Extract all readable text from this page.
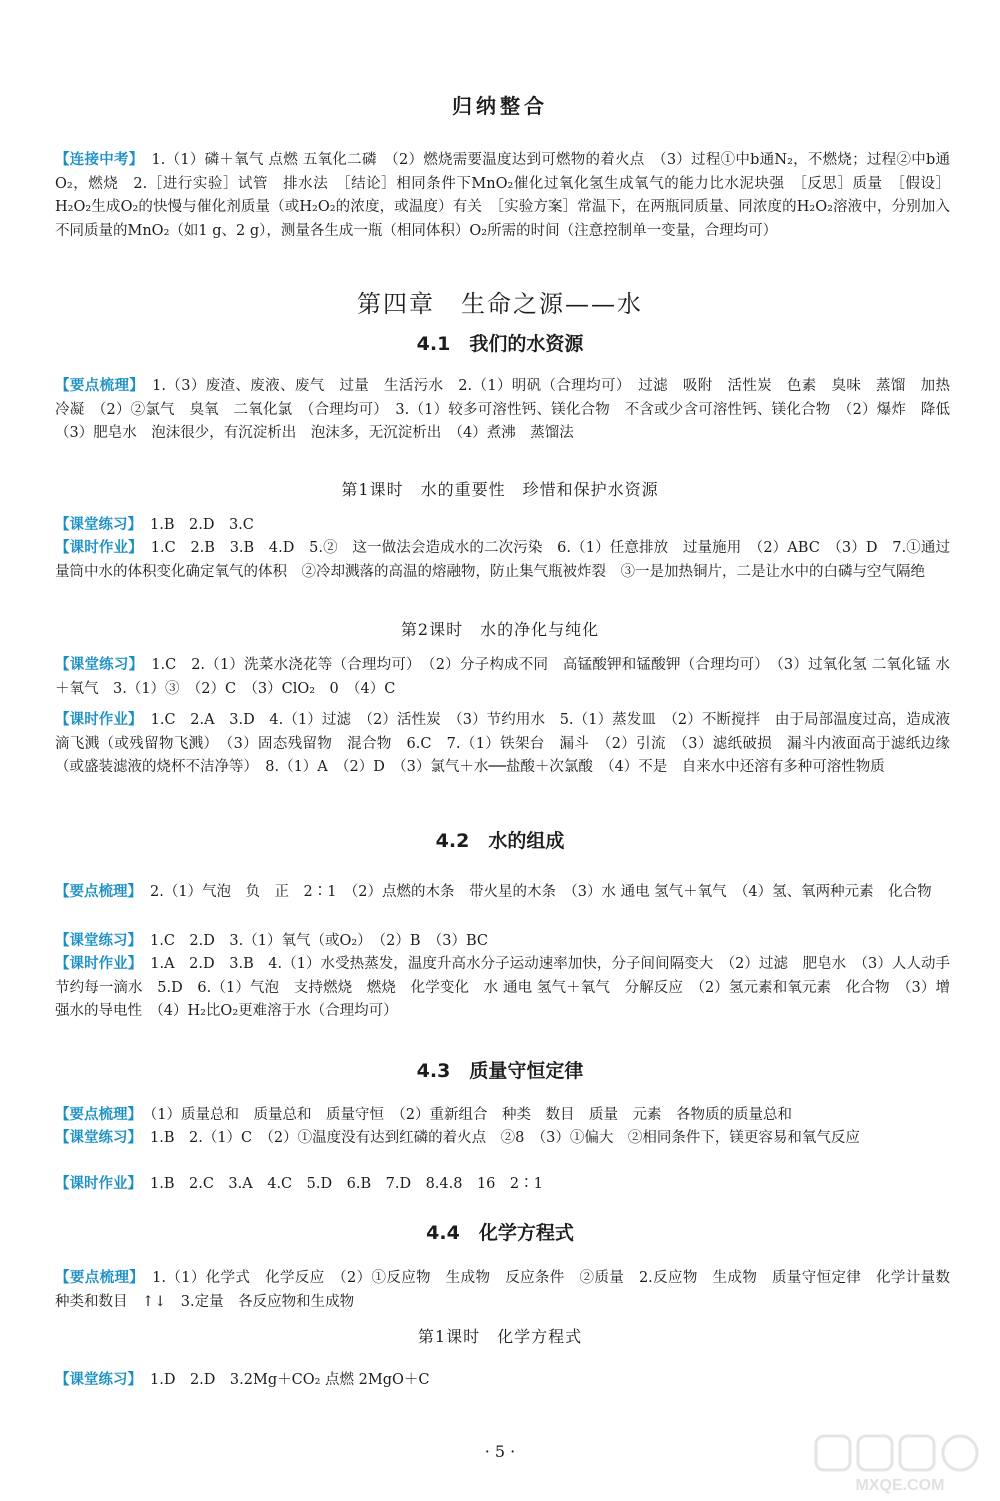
归纳整合
【连接中考】 1.（1）磷＋氧气 点燃 五氧化二磷　（2）燃烧需要温度达到可燃物的着火点　（3）过程①中b通N₂，不燃烧；过程②中b通O₂，燃烧　2.［进行实验］试管　排水法　［结论］相同条件下MnO₂催化过氧化氢生成氧气的能力比水泥块强　［反思］质量　［假设］H₂O₂生成O₂的快慢与催化剂质量（或H₂O₂的浓度，或温度）有关　［实验方案］常温下，在两瓶同质量、同浓度的H₂O₂溶液中，分别加入不同质量的MnO₂（如1 g、2 g），测量各生成一瓶（相同体积）O₂所需的时间（注意控制单一变量，合理均可）
第四章　生命之源——水
4.1　我们的水资源
【要点梳理】 1.（3）废渣、废液、废气　过量　生活污水　2.（1）明矾（合理均可）　过滤　吸附　活性炭　色素　臭味　蒸馏　加热　冷凝　（2）②氯气　臭氧　二氧化氯　（合理均可）　3.（1）较多可溶性钙、镁化合物　不含或少含可溶性钙、镁化合物　（2）爆炸　降低　（3）肥皂水　泡沫很少，有沉淀析出　泡沫多，无沉淀析出　（4）煮沸　蒸馏法
第1课时　水的重要性　珍惜和保护水资源
【课堂练习】 1.B　2.D　3.C
【课时作业】 1.C　2.B　3.B　4.D　5.②　这一做法会造成水的二次污染　6.（1）任意排放　过量施用　（2）ABC　（3）D　7.①通过量筒中水的体积变化确定氧气的体积　②冷却溅落的高温的熔融物，防止集气瓶被炸裂　③一是加热铜片，二是让水中的白磷与空气隔绝
第2课时　水的净化与纯化
【课堂练习】 1.C　2.（1）洗菜水浇花等（合理均可）　（2）分子构成不同　高锰酸钾和锰酸钾（合理均可）　（3）过氧化氢 二氧化锰 水＋氧气　3.（1）③　（2）C　（3）ClO₂　0　（4）C
【课时作业】 1.C　2.A　3.D　4.（1）过滤　（2）活性炭　（3）节约用水　5.（1）蒸发皿　（2）不断搅拌　由于局部温度过高，造成液滴飞溅（或残留物飞溅）　（3）固态残留物　混合物　6.C　7.（1）铁架台　漏斗　（2）引流　（3）滤纸破损　漏斗内液面高于滤纸边缘（或盛装滤液的烧杯不洁净等）　8.（1）A　（2）D　（3）氯气＋水──盐酸＋次氯酸　（4）不是　自来水中还溶有多种可溶性物质
4.2　水的组成
【要点梳理】 2.（1）气泡　负　正　2∶1　（2）点燃的木条　带火星的木条　（3）水 通电 氢气＋氧气　（4）氢、氧两种元素　化合物
【课堂练习】 1.C　2.D　3.（1）氧气（或O₂）　（2）B　（3）BC
【课时作业】 1.A　2.D　3.B　4.（1）水受热蒸发，温度升高水分子运动速率加快，分子间间隔变大　（2）过滤　肥皂水　（3）人人动手节约每一滴水　5.D　6.（1）气泡　支持燃烧　燃烧　化学变化　水 通电 氢气＋氧气　分解反应　（2）氢元素和氧元素　化合物　（3）增强水的导电性　（4）H₂比O₂更难溶于水（合理均可）
4.3　质量守恒定律
【要点梳理】 （1）质量总和　质量总和　质量守恒　（2）重新组合　种类　数目　质量　元素　各物质的质量总和
【课堂练习】 1.B　2.（1）C　（2）①温度没有达到红磷的着火点　②8　（3）①偏大　②相同条件下，镁更容易和氧气反应
【课时作业】 1.B　2.C　3.A　4.C　5.D　6.B　7.D　8.4.8　16　2∶1
4.4　化学方程式
【要点梳理】 1.（1）化学式　化学反应　（2）①反应物　生成物　反应条件　②质量　2.反应物　生成物　质量守恒定律　化学计量数　种类和数目　↑↓　3.定量　各反应物和生成物
第1课时　化学方程式
【课堂练习】 1.D　2.D　3.2Mg＋CO₂ 点燃 2MgO＋C
· 5 ·
MXQE.COM
